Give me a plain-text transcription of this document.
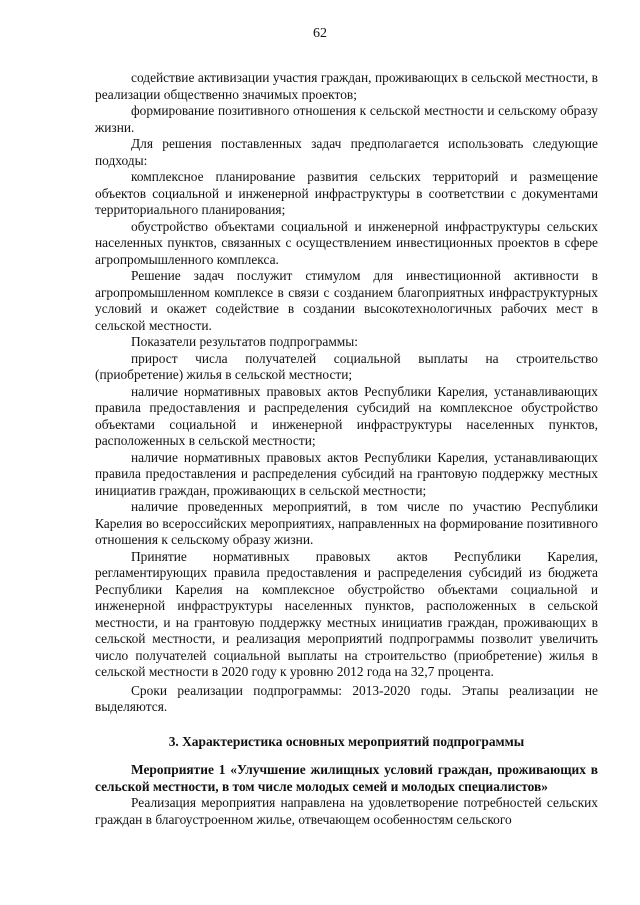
62

содействие активизации участия граждан, проживающих в сельской местности, в реализации общественно значимых проектов;

формирование позитивного отношения к сельской местности и сельскому образу жизни.

Для решения поставленных задач предполагается использовать следующие подходы:

комплексное планирование развития сельских территорий и размещение объектов социальной и инженерной инфраструктуры в соответствии с документами территориального планирования;

обустройство объектами социальной и инженерной инфраструктуры сельских населенных пунктов, связанных с осуществлением инвестиционных проектов в сфере агропромышленного комплекса.

Решение задач послужит стимулом для инвестиционной активности в агропромышленном комплексе в связи с созданием благоприятных инфраструктурных условий и окажет содействие в создании высокотехнологичных рабочих мест в сельской местности.

Показатели результатов подпрограммы:

прирост числа получателей социальной выплаты на строительство (приобретение) жилья в сельской местности;

наличие нормативных правовых актов Республики Карелия, устанавливающих правила предоставления и распределения субсидий на комплексное обустройство объектами социальной и инженерной инфраструктуры населенных пунктов, расположенных в сельской местности;

наличие нормативных правовых актов Республики Карелия, устанавливающих правила предоставления и распределения субсидий на грантовую поддержку местных инициатив граждан, проживающих в сельской местности;

наличие проведенных мероприятий, в том числе по участию Республики Карелия во всероссийских мероприятиях, направленных на формирование позитивного отношения к сельскому образу жизни.

Принятие нормативных правовых актов Республики Карелия, регламентирующих правила предоставления и распределения субсидий из бюджета Республики Карелия на комплексное обустройство объектами социальной и инженерной инфраструктуры населенных пунктов, расположенных в сельской местности, и на грантовую поддержку местных инициатив граждан, проживающих в сельской местности, и реализация мероприятий подпрограммы позволит увеличить число получателей социальной выплаты на строительство (приобретение) жилья в сельской местности в 2020 году к уровню 2012 года на 32,7 процента.

Сроки реализации подпрограммы: 2013-2020 годы. Этапы реализации не выделяются.

3. Характеристика основных мероприятий подпрограммы

Мероприятие 1 «Улучшение жилищных условий граждан, проживающих в сельской местности, в том числе молодых семей и молодых специалистов»

Реализация мероприятия направлена на удовлетворение потребностей сельских граждан в благоустроенном жилье, отвечающем особенностям сельского
